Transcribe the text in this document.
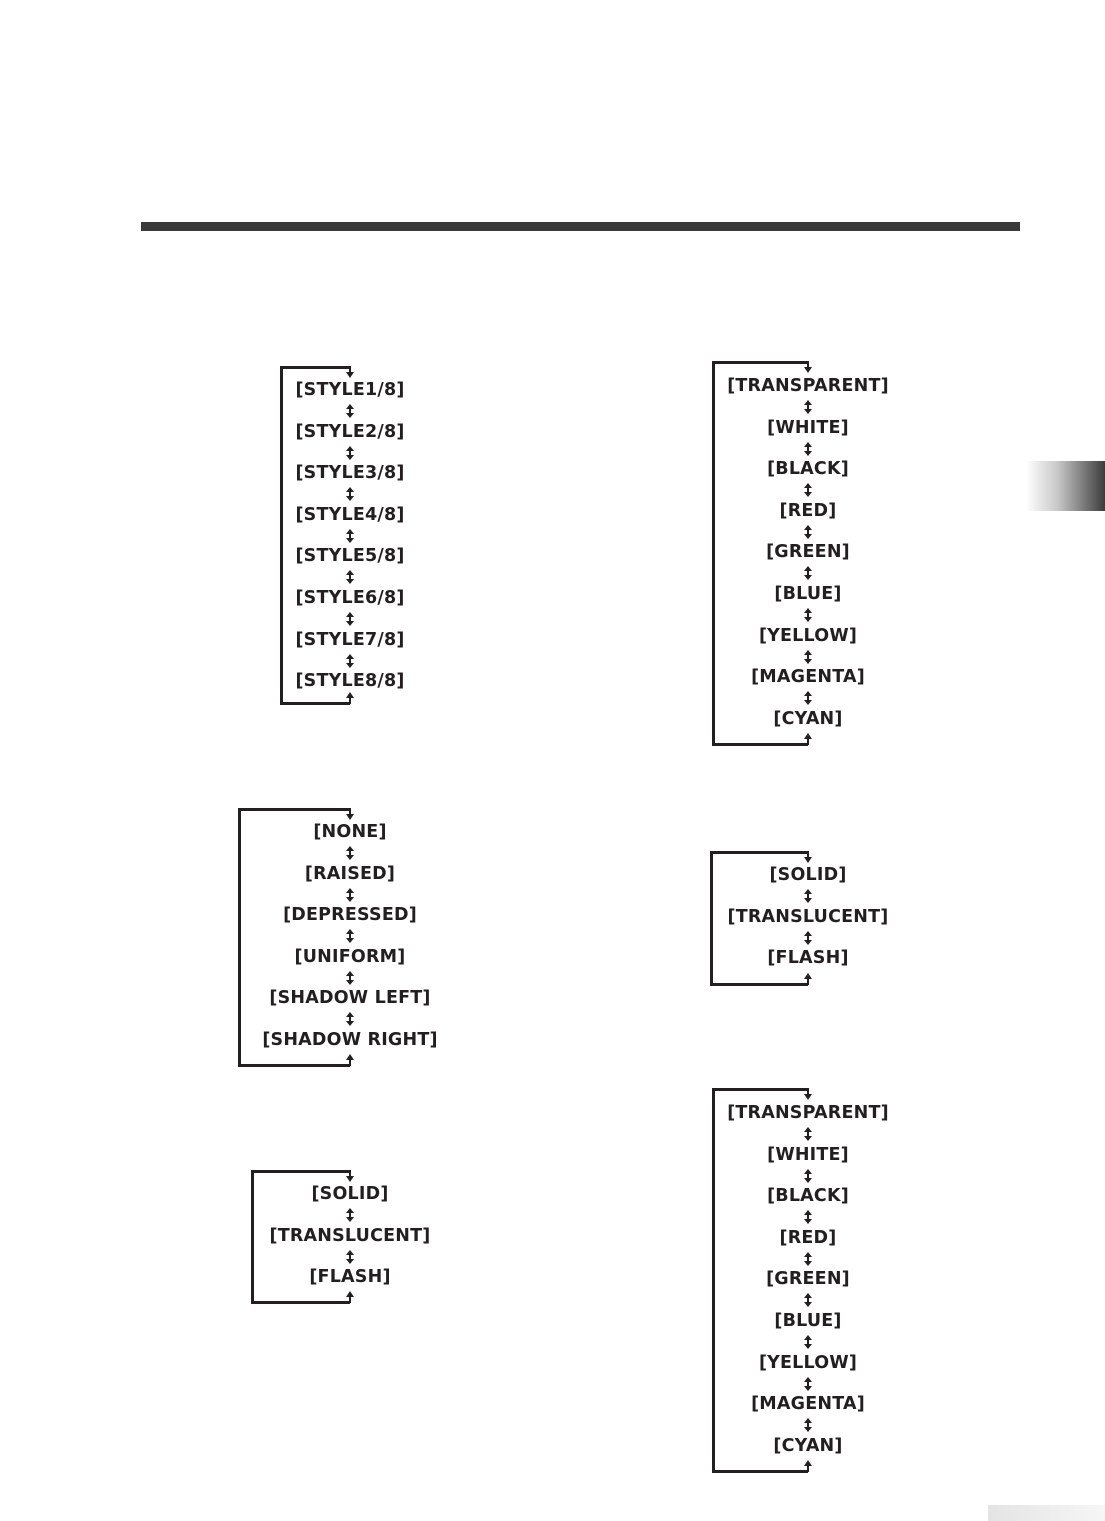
[STYLE1/8]
[STYLE2/8]
[STYLE3/8]
[STYLE4/8]
[STYLE5/8]
[STYLE6/8]
[STYLE7/8]
[STYLE8/8]
[NONE]
[RAISED]
[DEPRESSED]
[UNIFORM]
[SHADOW LEFT]
[SHADOW RIGHT]
[SOLID]
[TRANSLUCENT]
[FLASH]
[TRANSPARENT]
[WHITE]
[BLACK]
[RED]
[GREEN]
[BLUE]
[YELLOW]
[MAGENTA]
[CYAN]
[SOLID]
[TRANSLUCENT]
[FLASH]
[TRANSPARENT]
[WHITE]
[BLACK]
[RED]
[GREEN]
[BLUE]
[YELLOW]
[MAGENTA]
[CYAN]
